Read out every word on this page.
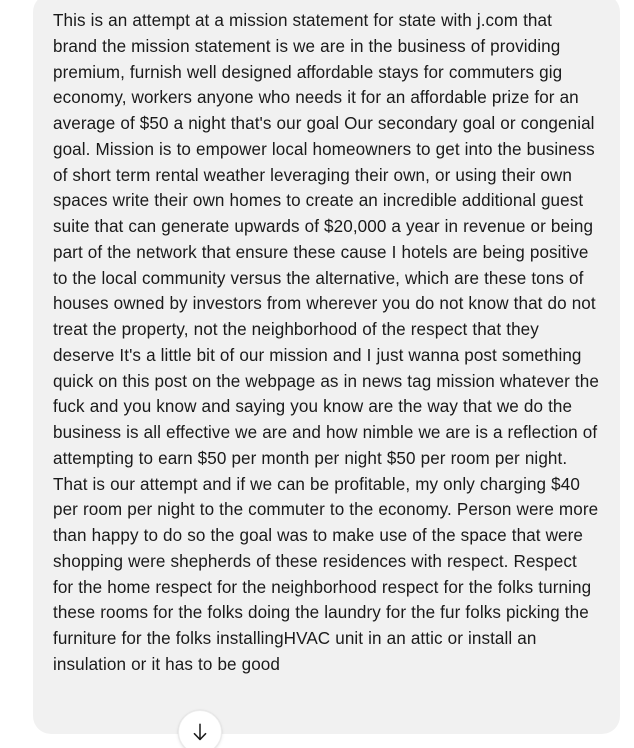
This is an attempt at a mission statement for state with j.com that brand the mission statement is we are in the business of providing premium, furnish well designed affordable stays for commuters gig economy, workers anyone who needs it for an affordable prize for an average of $50 a night that's our goal Our secondary goal or congenial goal. Mission is to empower local homeowners to get into the business of short term rental weather leveraging their own, or using their own spaces write their own homes to create an incredible additional guest suite that can generate upwards of $20,000 a year in revenue or being part of the network that ensure these cause I hotels are being positive to the local community versus the alternative, which are these tons of houses owned by investors from wherever you do not know that do not treat the property, not the neighborhood of the respect that they deserve It's a little bit of our mission and I just wanna post something quick on this post on the webpage as in news tag mission whatever the fuck and you know and saying you know are the way that we do the business is all effective we are and how nimble we are is a reflection of attempting to earn $50 per month per night $50 per room per night. That is our attempt and if we can be profitable, my only charging $40 per room per night to the commuter to the economy. Person were more than happy to do so the goal was to make use of the space that were shopping were shepherds of these residences with respect. Respect for the home respect for the neighborhood respect for the folks turning these rooms for the folks doing the laundry for the fur folks picking the furniture for the folks installingHVAC unit in an attic or install an insulation or it has to be good
